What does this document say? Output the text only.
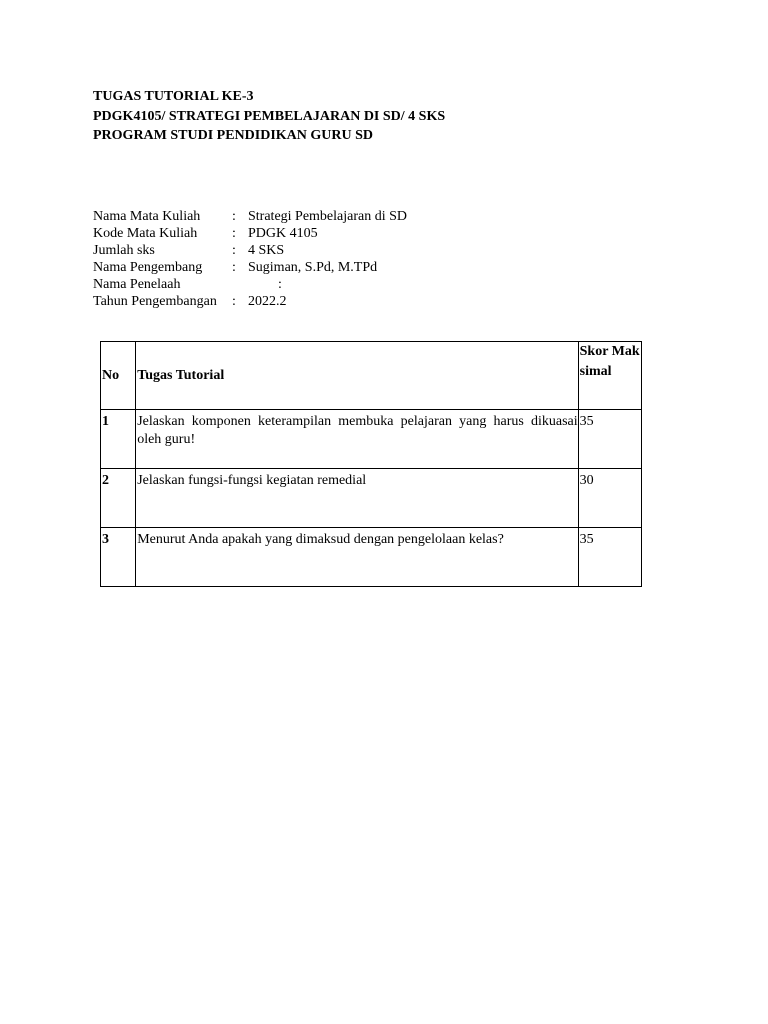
TUGAS TUTORIAL KE-3
PDGK4105/ STRATEGI PEMBELAJARAN DI SD/ 4 SKS
PROGRAM STUDI PENDIDIKAN GURU SD
Nama Mata Kuliah : Strategi Pembelajaran di SD
Kode Mata Kuliah : PDGK 4105
Jumlah sks	: 4 SKS
Nama Pengembang : Sugiman, S.Pd, M.TPd
Nama Penelaah	:
Tahun Pengembangan : 2022.2
No	Tugas Tutorial	Skor Maksimal

1	Jelaskan komponen keterampilan membuka pelajaran yang harus dikuasai oleh guru!	35

2	Jelaskan fungsi-fungsi kegiatan remedial	30

3	Menurut Anda apakah yang dimaksud dengan pengelolaan kelas?	35
